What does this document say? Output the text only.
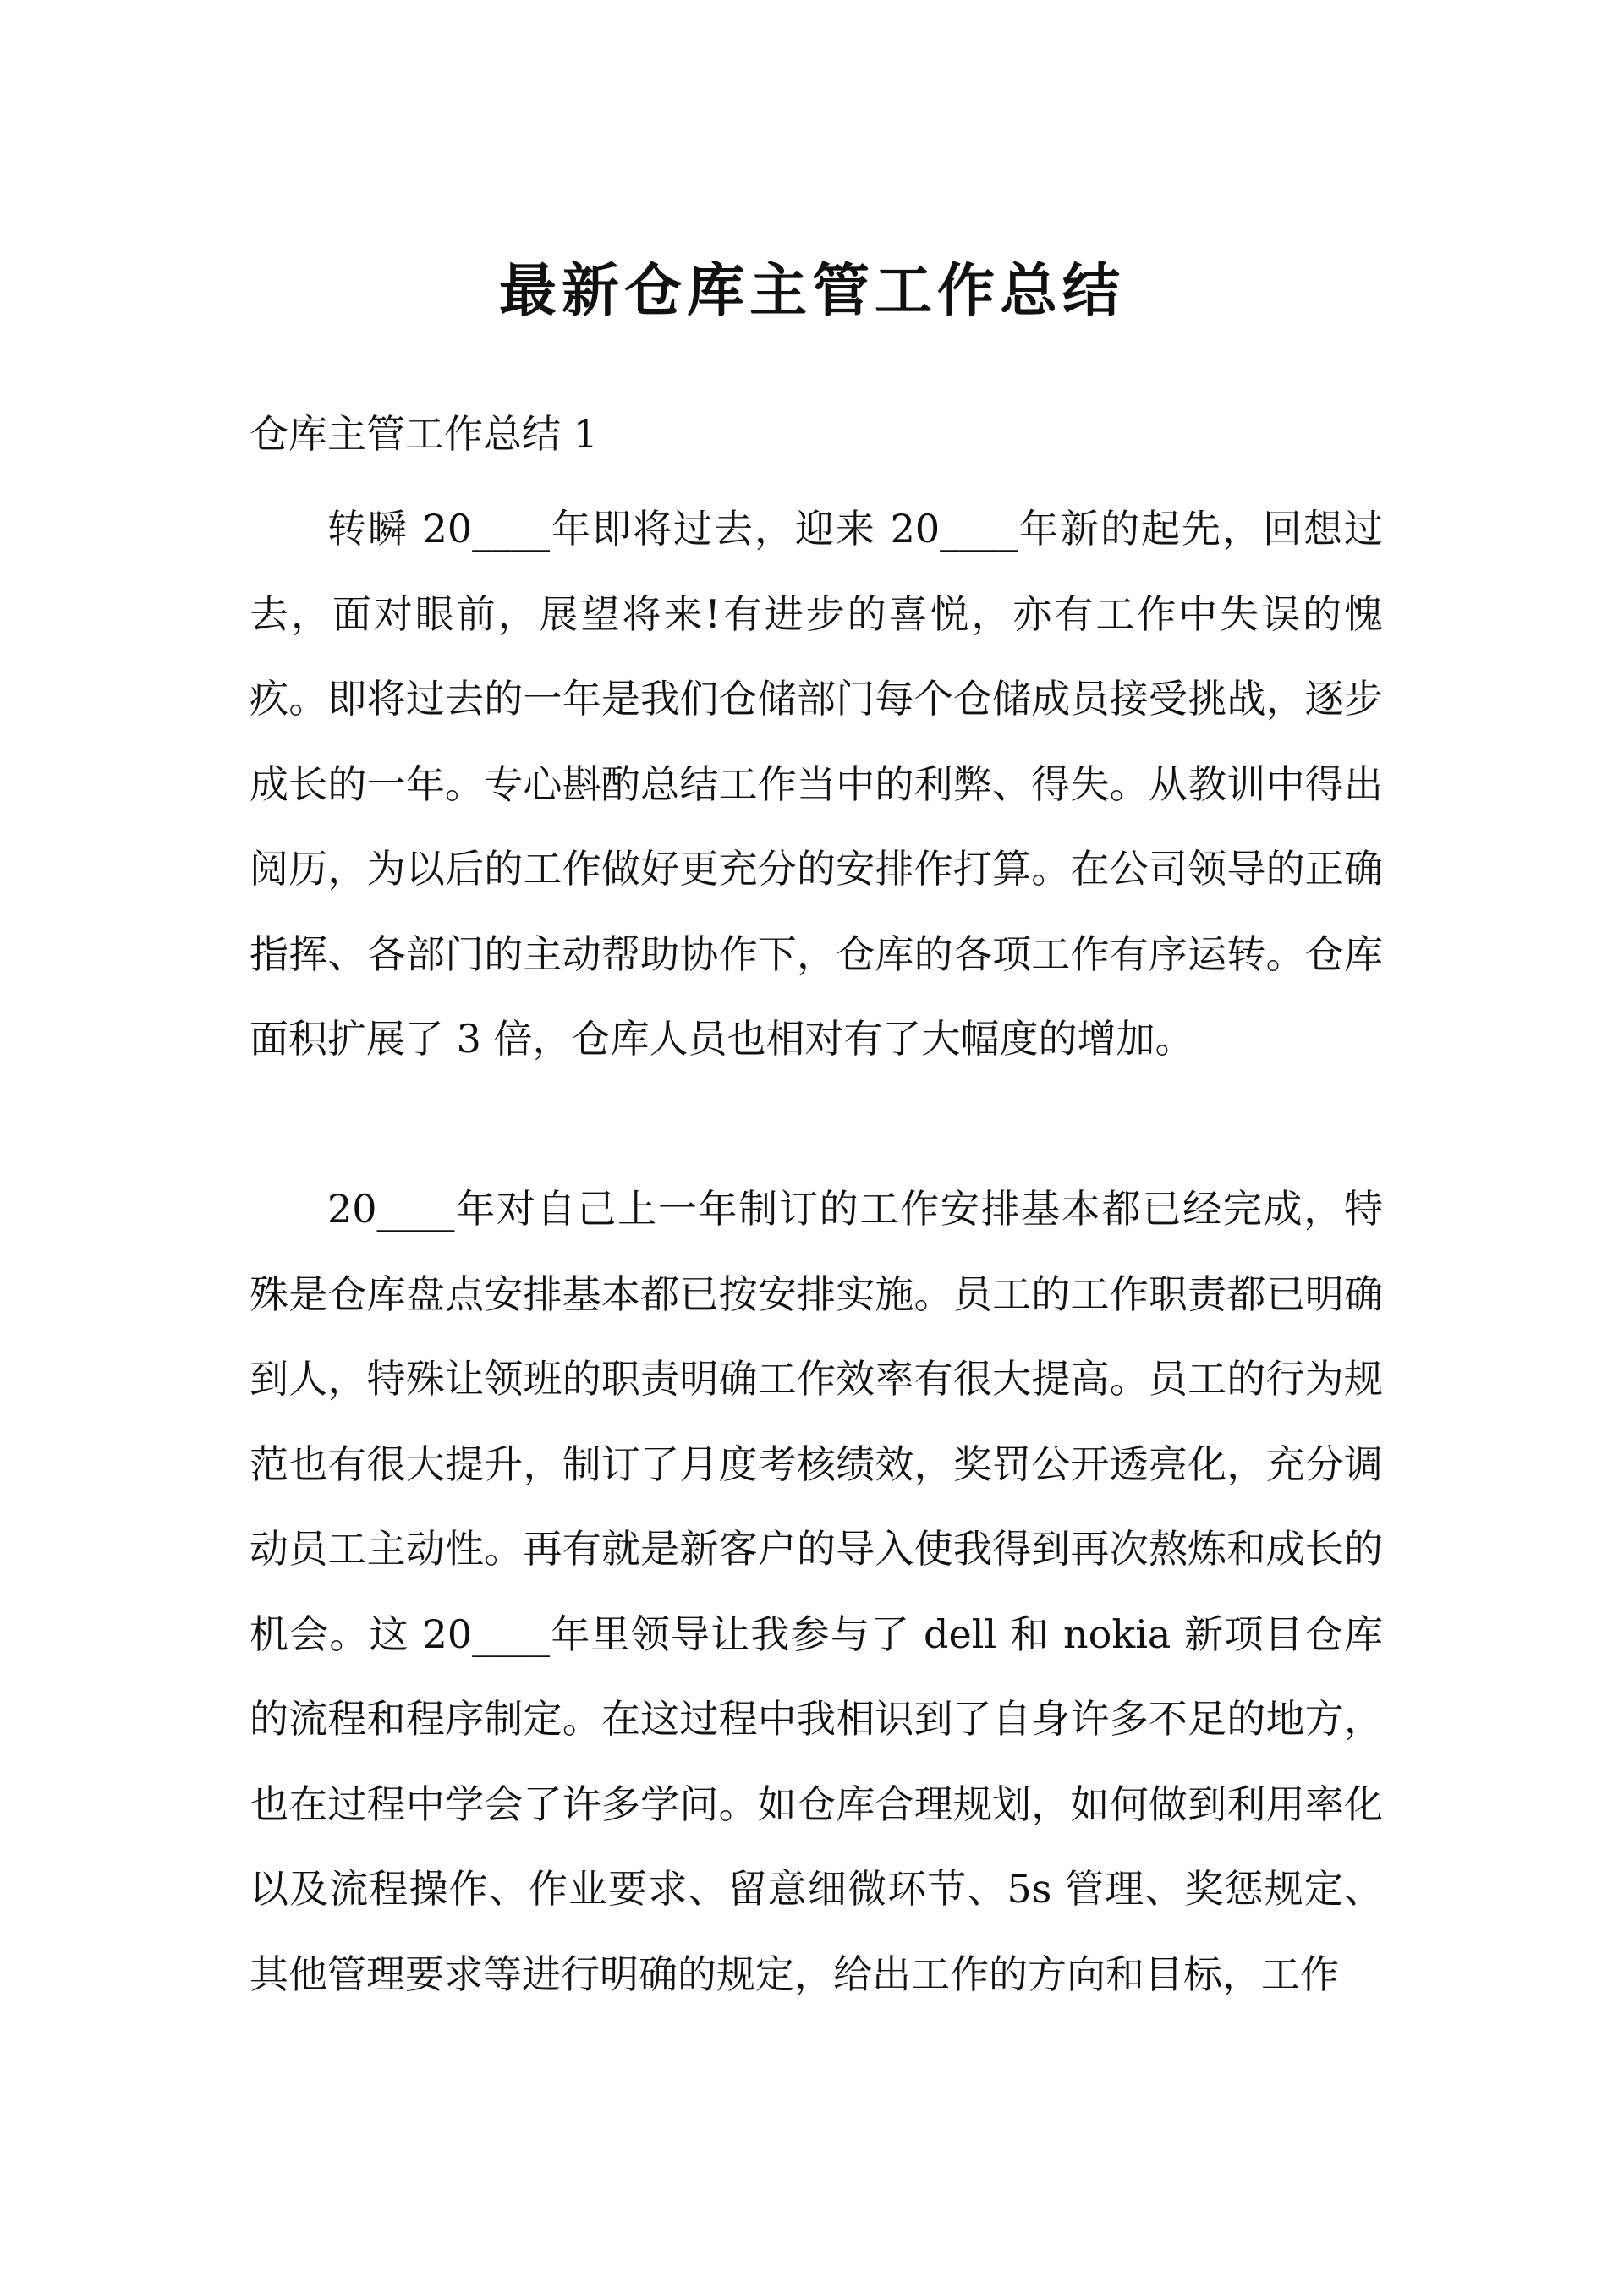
最新仓库主管工作总结
仓库主管工作总结 1

转瞬 20____年即将过去，迎来 20____年新的起先，回想过去，面对眼前，展望将来!有进步的喜悦，亦有工作中失误的愧疚。即将过去的一年是我们仓储部门每个仓储成员接受挑战，逐步成长的一年。专心斟酌总结工作当中的利弊、得失。从教训中得出阅历，为以后的工作做好更充分的安排作打算。在公司领导的正确指挥、各部门的主动帮助协作下，仓库的各项工作有序运转。仓库面积扩展了 3 倍，仓库人员也相对有了大幅度的增加。

20____年对自己上一年制订的工作安排基本都已经完成，特殊是仓库盘点安排基本都已按安排实施。员工的工作职责都已明确到人，特殊让领班的职责明确工作效率有很大提高。员工的行为规范也有很大提升，制订了月度考核绩效，奖罚公开透亮化，充分调动员工主动性。再有就是新客户的导入使我得到再次熬炼和成长的机会。这 20____年里领导让我参与了 dell 和 nokia 新项目仓库的流程和程序制定。在这过程中我相识到了自身许多不足的地方，也在过程中学会了许多学问。如仓库合理规划，如何做到利用率化以及流程操作、作业要求、留意细微环节、5s 管理、奖惩规定、其他管理要求等进行明确的规定，给出工作的方向和目标，工作
